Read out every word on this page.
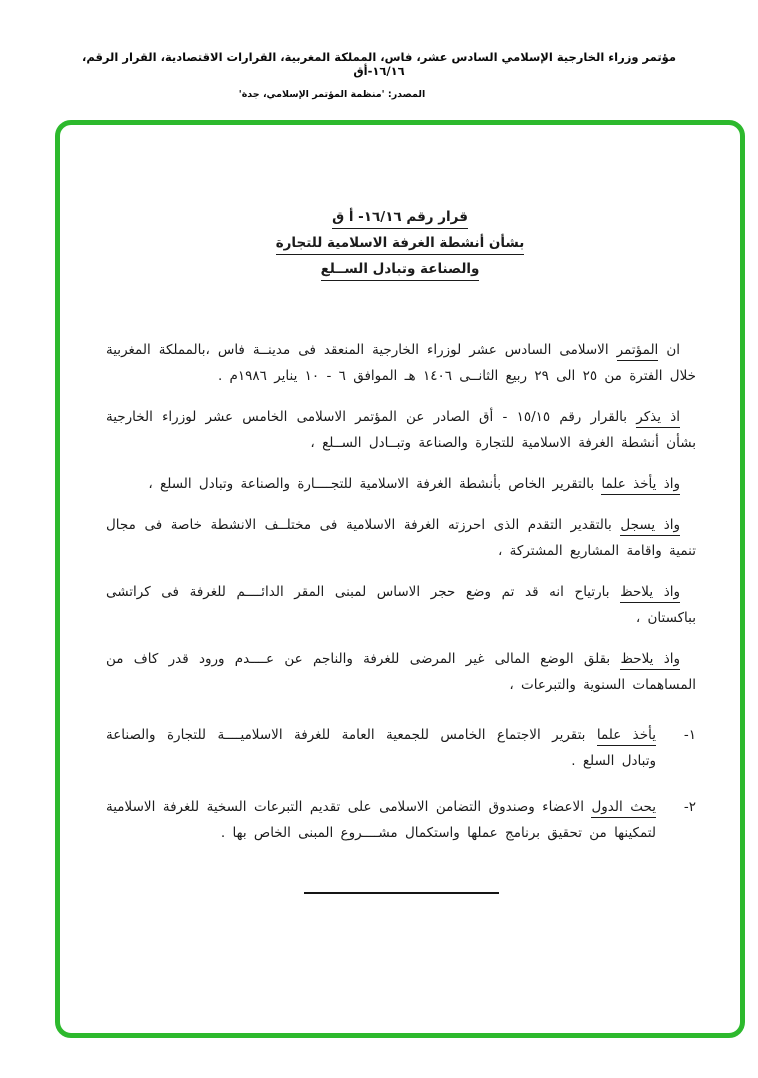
مؤتمر وزراء الخارجية الإسلامي السادس عشر، فاس، المملكة المغربية، القرارات الاقتصادية، القرار الرقم، ١٦/١٦-أق
المصدر: 'منظمة المؤتمر الإسلامي، جدة'
قرار رقم ١٦/١٦- أ ق
بشأن أنشطة الغرفة الاسلامية للتجارة
والصناعة وتبادل الســلع

ان المؤتمر الاسلامى السادس عشر لوزراء الخارجية المنعقد فى مدينــة فاس ،بالمملكة المغربية خلال الفترة من ٢٥ الى ٢٩ ربيع الثانــى ١٤٠٦ هـ الموافق ٦ - ١٠ يناير ١٩٨٦م .

اذ يذكر بالقرار رقم ١٥/١٥ - أق الصادر عن المؤتمر الاسلامى الخامس عشر لوزراء الخارجية بشأن أنشطة الغرفة الاسلامية للتجارة والصناعة وتبــادل الســلع ،

واذ يأخذ علما بالتقرير الخاص بأنشطة الغرفة الاسلامية للتجــــارة والصناعة وتبادل السلع ،

واذ يسجل بالتقدير التقدم الذى احرزته الغرفة الاسلامية فى مختلــف الانشطة خاصة فى مجال تنمية واقامة المشاريع المشتركة ،

واذ يلاحظ بارتياح انه قد تم وضع حجر الاساس لمبنى المقر الدائــــم للغرفة فى كراتشى بباكستان ،

واذ يلاحظ بقلق الوضع المالى غير المرضى للغرفة والناجم عن عــــدم ورود قدر كاف من المساهمات السنوية والتبرعات ،

١-
يأخذ علما بتقرير الاجتماع الخامس للجمعية العامة للغرفة الاسلاميــــة للتجارة والصناعة وتبادل السلع .
٢-
يحث الدول الاعضاء وصندوق التضامن الاسلامى على تقديم التبرعات السخية للغرفة الاسلامية لتمكينها من تحقيق برنامج عملها واستكمال مشــــروع المبنى الخاص بها .
